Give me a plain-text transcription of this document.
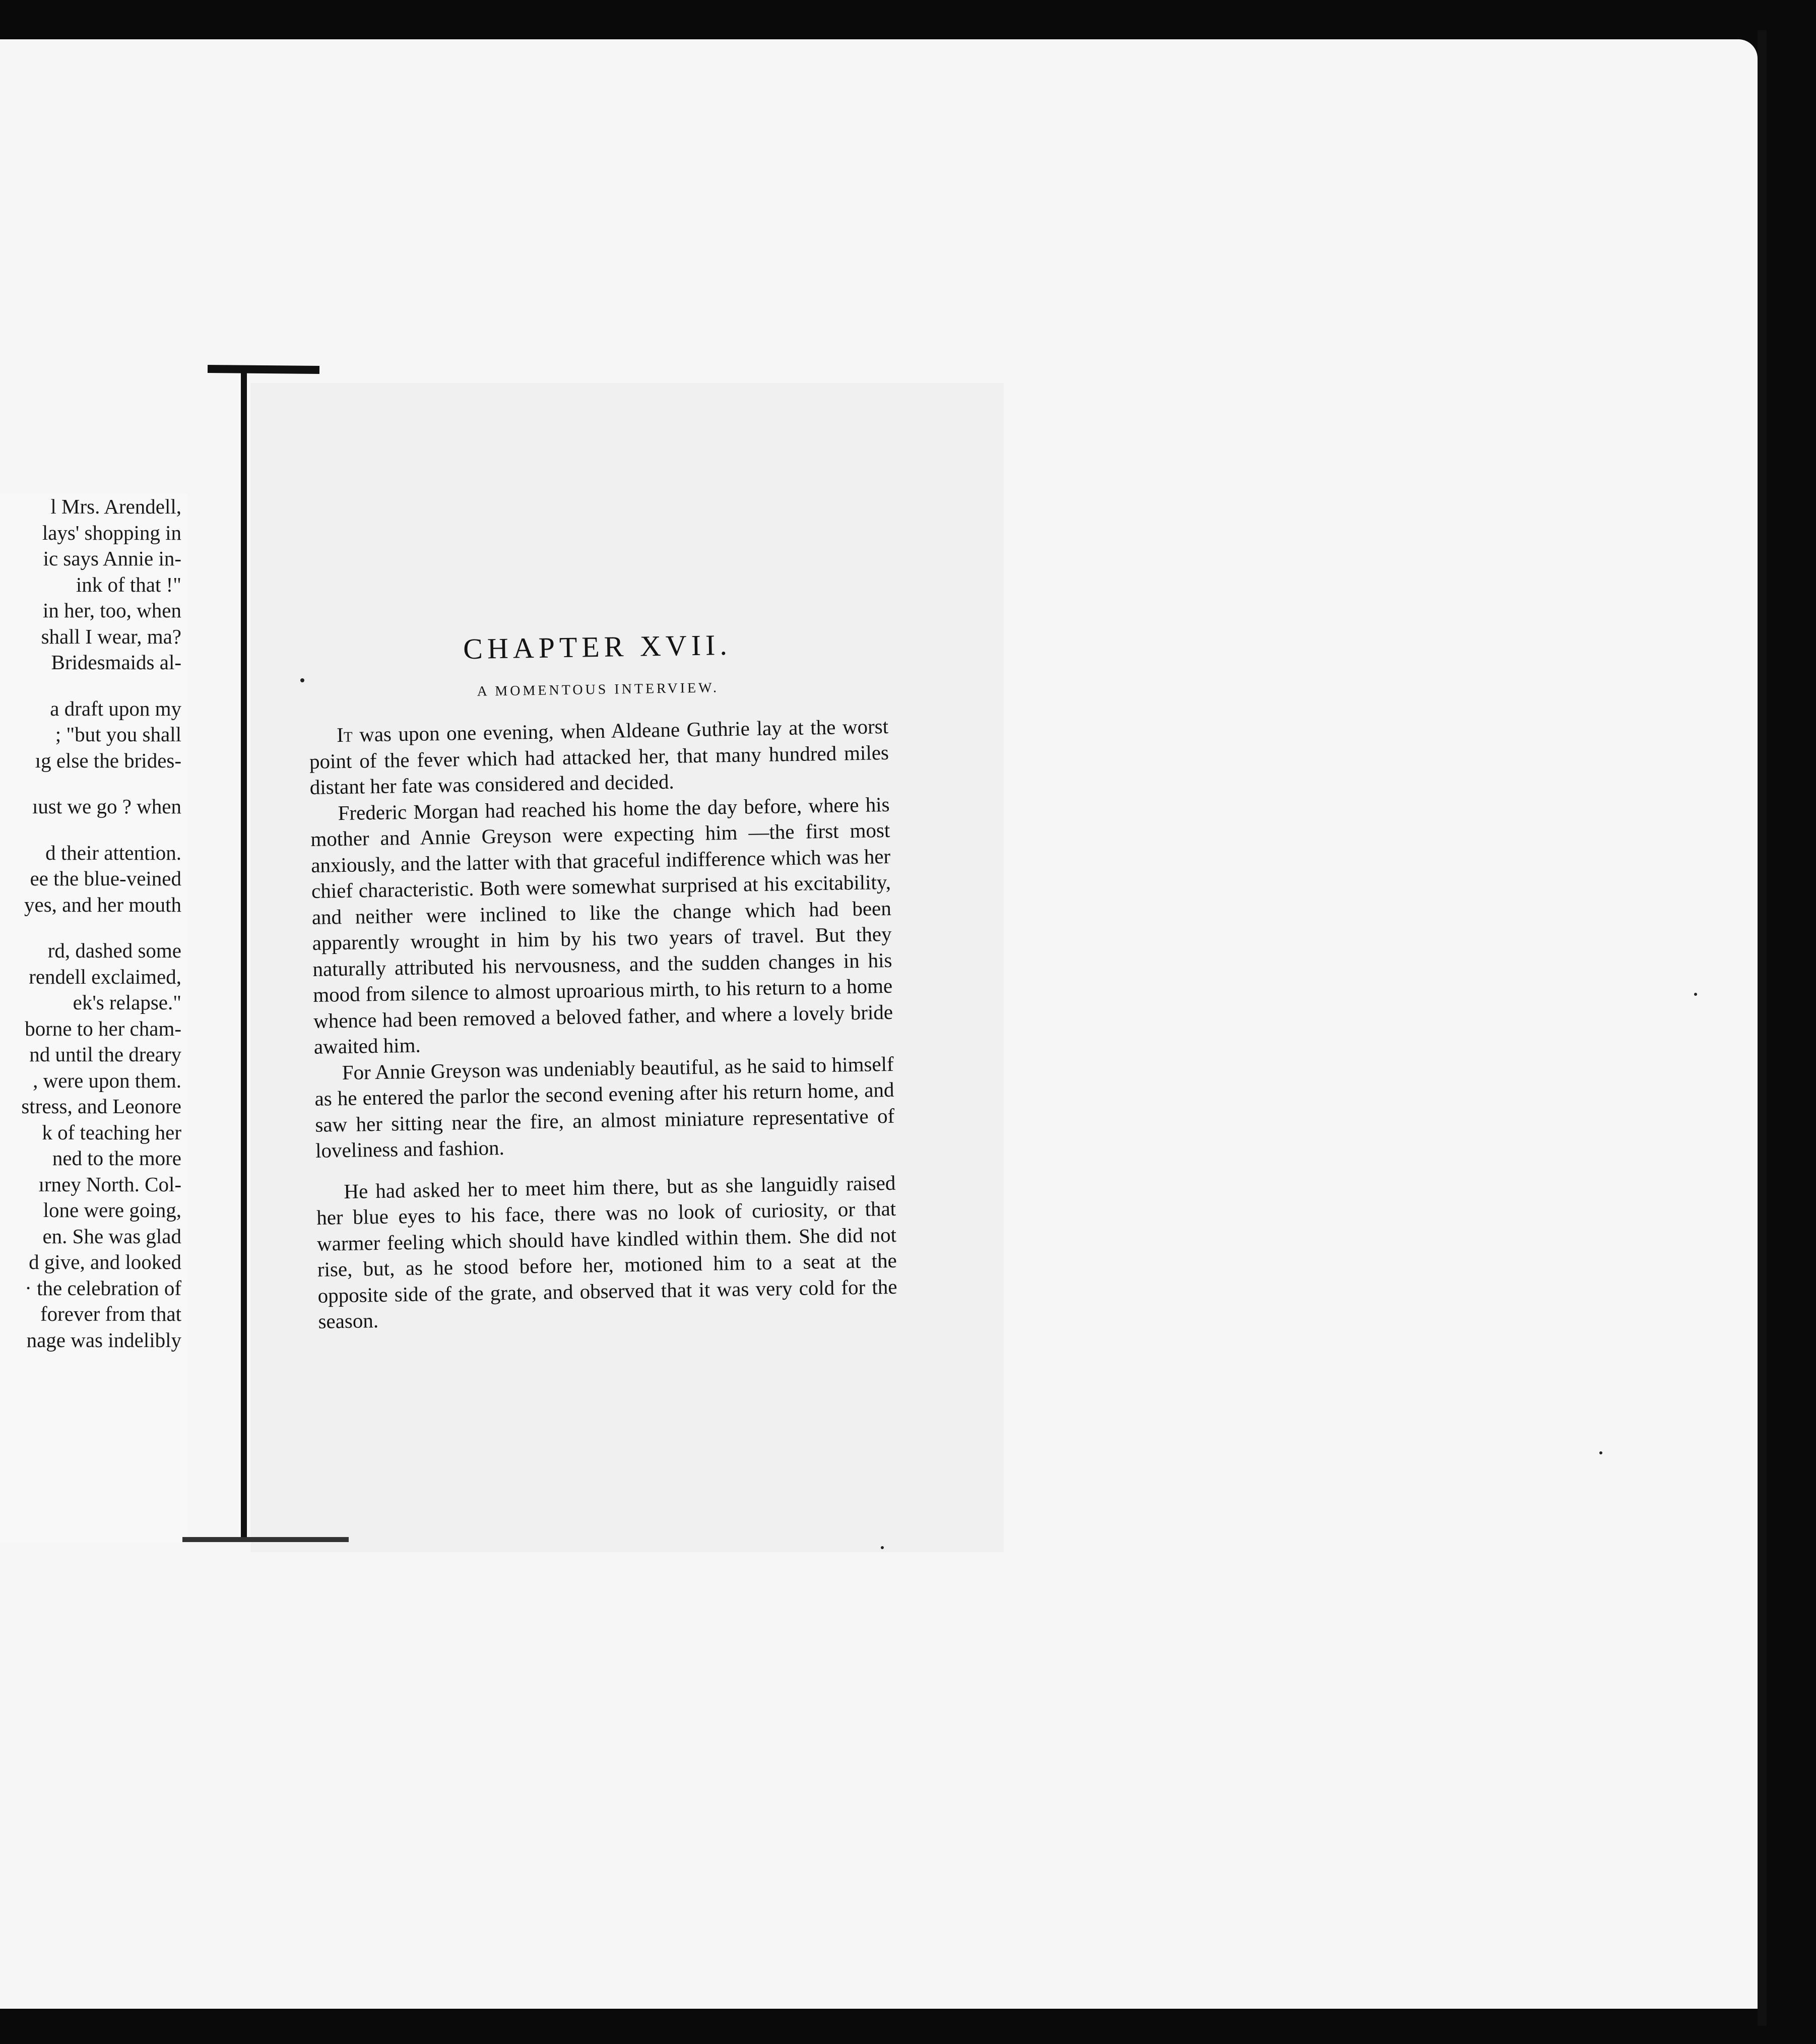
l Mrs. Arendell,
lays' shopping in
ic says Annie in-
ink of that !"
in her, too, when
shall I wear, ma?
Bridesmaids al-
a draft upon my
; "but you shall
ıg else the brides-
ıust we go ? when
d their attention.
ee the blue-veined
yes, and her mouth
rd, dashed some
rendell exclaimed,
ek's relapse."
borne to her cham-
nd until the dreary
, were upon them.
stress, and Leonore
k of teaching her
ned to the more
ırney North. Col-
lone were going,
en. She was glad
d give, and looked
· the celebration of
forever from that
nage was indelibly
CHAPTER XVII.
A MOMENTOUS INTERVIEW.

It was upon one evening, when Aldeane Guthrie lay at the worst point of the fever which had attacked her, that many hundred miles distant her fate was considered and decided.

Frederic Morgan had reached his home the day before, where his mother and Annie Greyson were expecting him —the first most anxiously, and the latter with that graceful indifference which was her chief characteristic. Both were somewhat surprised at his excitability, and neither were inclined to like the change which had been apparently wrought in him by his two years of travel. But they naturally attributed his nervousness, and the sudden changes in his mood from silence to almost uproarious mirth, to his return to a home whence had been removed a beloved father, and where a lovely bride awaited him.

For Annie Greyson was undeniably beautiful, as he said to himself as he entered the parlor the second evening after his return home, and saw her sitting near the fire, an almost miniature representative of loveliness and fashion.

He had asked her to meet him there, but as she languidly raised her blue eyes to his face, there was no look of curiosity, or that warmer feeling which should have kindled within them. She did not rise, but, as he stood before her, motioned him to a seat at the opposite side of the grate, and observed that it was very cold for the season.
